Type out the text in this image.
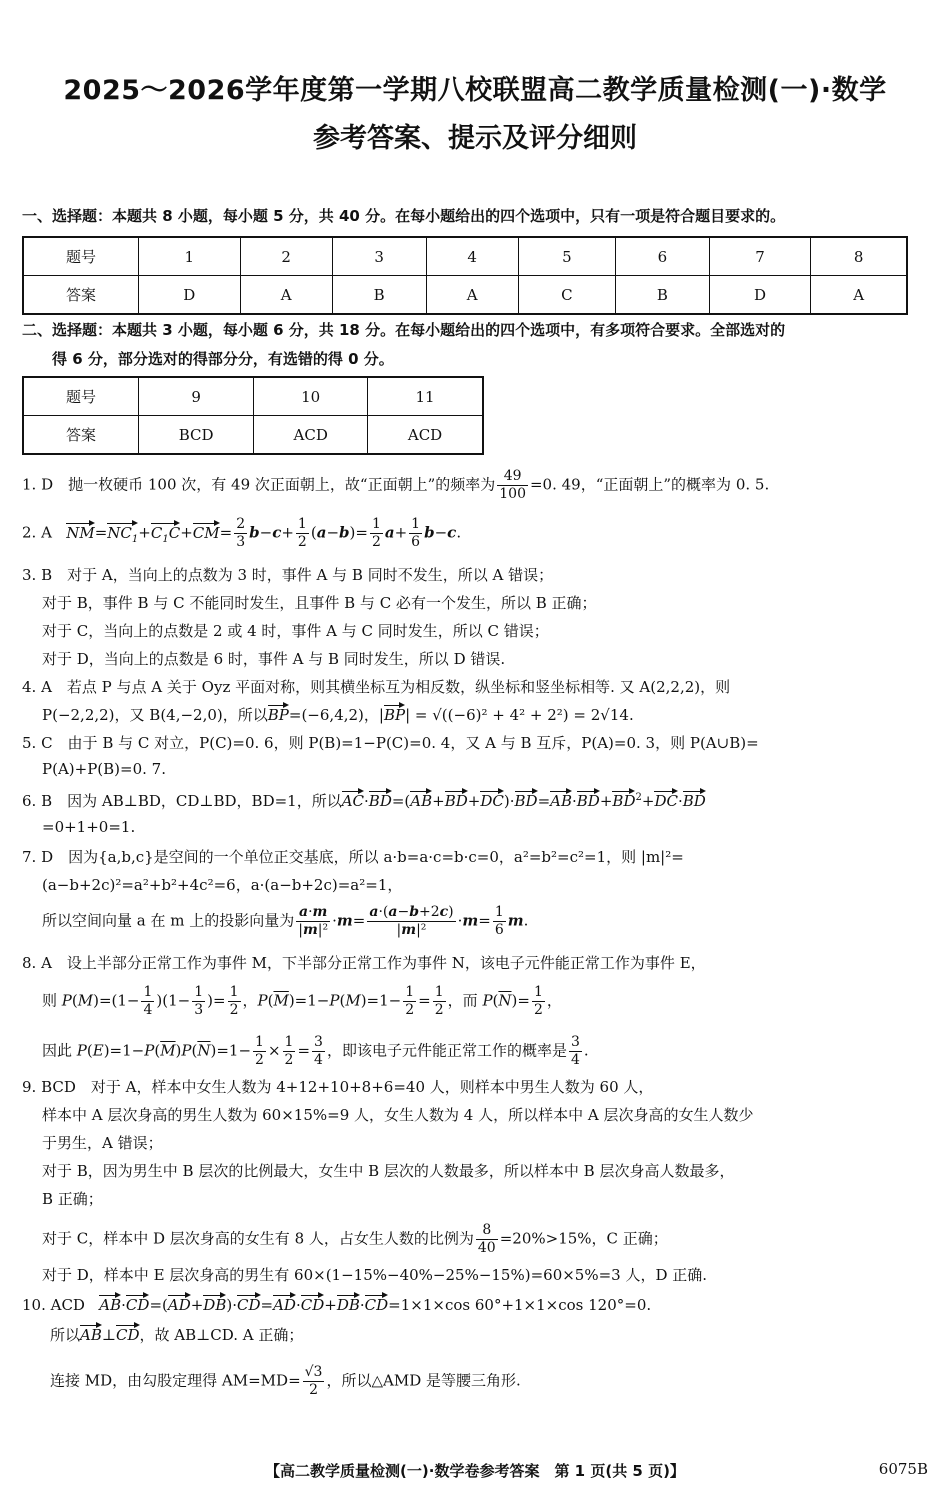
2025～2026学年度第一学期八校联盟高二教学质量检测(一)·数学
参考答案、提示及评分细则
一、选择题：本题共 8 小题，每小题 5 分，共 40 分。在每小题给出的四个选项中，只有一项是符合题目要求的。
题号	1	2	3	4	5	6	7	8
答案	D	A	B	A	C	B	D	A
二、选择题：本题共 3 小题，每小题 6 分，共 18 分。在每小题给出的四个选项中，有多项符合要求。全部选对的
得 6 分，部分选对的得部分分，有选错的得 0 分。
题号	9	10	11
答案	BCD	ACD	ACD
1. D　抛一枚硬币 100 次，有 49 次正面朝上，故“正面朝上”的频率为 $\frac{49}{100} =0$. 49，“正面朝上”的概率为 0. 5.
2. A $NM=NC_1+C_1C+CM= \frac{2}{3} b-c+ \frac{1}{2} (a-b)= \frac{1}{2} a+ \frac{1}{6} b-c$.
3. B　对于 A，当向上的点数为 3 时，事件 A 与 B 同时不发生，所以 A 错误；
对于 B，事件 B 与 C 不能同时发生，且事件 B 与 C 必有一个发生，所以 B 正确；
对于 C，当向上的点数是 2 或 4 时，事件 A 与 C 同时发生，所以 C 错误；
对于 D，当向上的点数是 6 时，事件 A 与 B 同时发生，所以 D 错误.
4. A　若点 P 与点 A 关于 Oyz 平面对称，则其横坐标互为相反数，纵坐标和竖坐标相等. 又 A(2,2,2)，则
P(−2,2,2)，又 B(4,−2,0)，所以BP=(−6,4,2)，|BP| = √((−6)² + 4² + 2²) = 2√14.
5. C　由于 B 与 C 对立，P(C)=0. 6，则 P(B)=1−P(C)=0. 4，又 A 与 B 互斥，P(A)=0. 3，则 P(A∪B)=
P(A)+P(B)=0. 7.
6. B　因为 AB⊥BD，CD⊥BD，BD=1，所以$AC\cdot BD=(AB+BD+DC)\cdot BD=AB\cdot BD+BD^2+DC\cdot BD$
=0+1+0=1.
7. D　因为{a,b,c}是空间的一个单位正交基底，所以 a·b=a·c=b·c=0，a²=b²=c²=1，则 |m|²=
(a−b+2c)²=a²+b²+4c²=6，a·(a−b+2c)=a²=1，
所以空间向量 a 在 m 上的投影向量为 $\frac{a\cdot m}{\text{|m|²}} \cdot m= \frac{a\cdot(a-b+2c)}{\text{|m|²}} \cdot m= \frac{1}{6} m$.
8. A　设上半部分正常工作为事件 M，下半部分正常工作为事件 N，该电子元件能正常工作为事件 E，
则 $P(M)=(1- \frac{1}{4} )(1- \frac{1}{3}$ )= $\frac{1}{2}$ ，$P(\overline{M})=1-P(M)=1- \frac{1}{2} = \frac{1}{2}$ ，而 $P(\overline{N})= \frac{1}{2}$ ，
因此 $P(E)=1-P(\overline{M})P(\overline{N})=1- \frac{1}{2} \times \frac{1}{2} = \frac{3}{4}$ ，即该电子元件能正常工作的概率是 $\frac{3}{4}$ .
9. BCD　对于 A，样本中女生人数为 4+12+10+8+6=40 人，则样本中男生人数为 60 人，
样本中 A 层次身高的男生人数为 60×15%=9 人，女生人数为 4 人，所以样本中 A 层次身高的女生人数少
于男生，A 错误；
对于 B，因为男生中 B 层次的比例最大，女生中 B 层次的人数最多，所以样本中 B 层次身高人数最多，
B 正确；
对于 C，样本中 D 层次身高的女生有 8 人，占女生人数的比例为 $\frac{8}{40} =20\%>15\%$，C 正确；
对于 D，样本中 E 层次身高的男生有 60×(1−15%−40%−25%−15%)=60×5%=3 人，D 正确.
10. ACD AB·CD=(AD+DB)·CD=AD·CD+DB·CD=1×1×cos 60°+1×1×cos 120°=0.
所以AB⊥CD，故 AB⊥CD. A 正确；
连接 MD，由勾股定理得 $AM=MD= \frac{√3}{2}$ ，所以△AMD 是等腰三角形.
【高二教学质量检测(一)·数学卷参考答案　第 1 页(共 5 页)】	6075B
